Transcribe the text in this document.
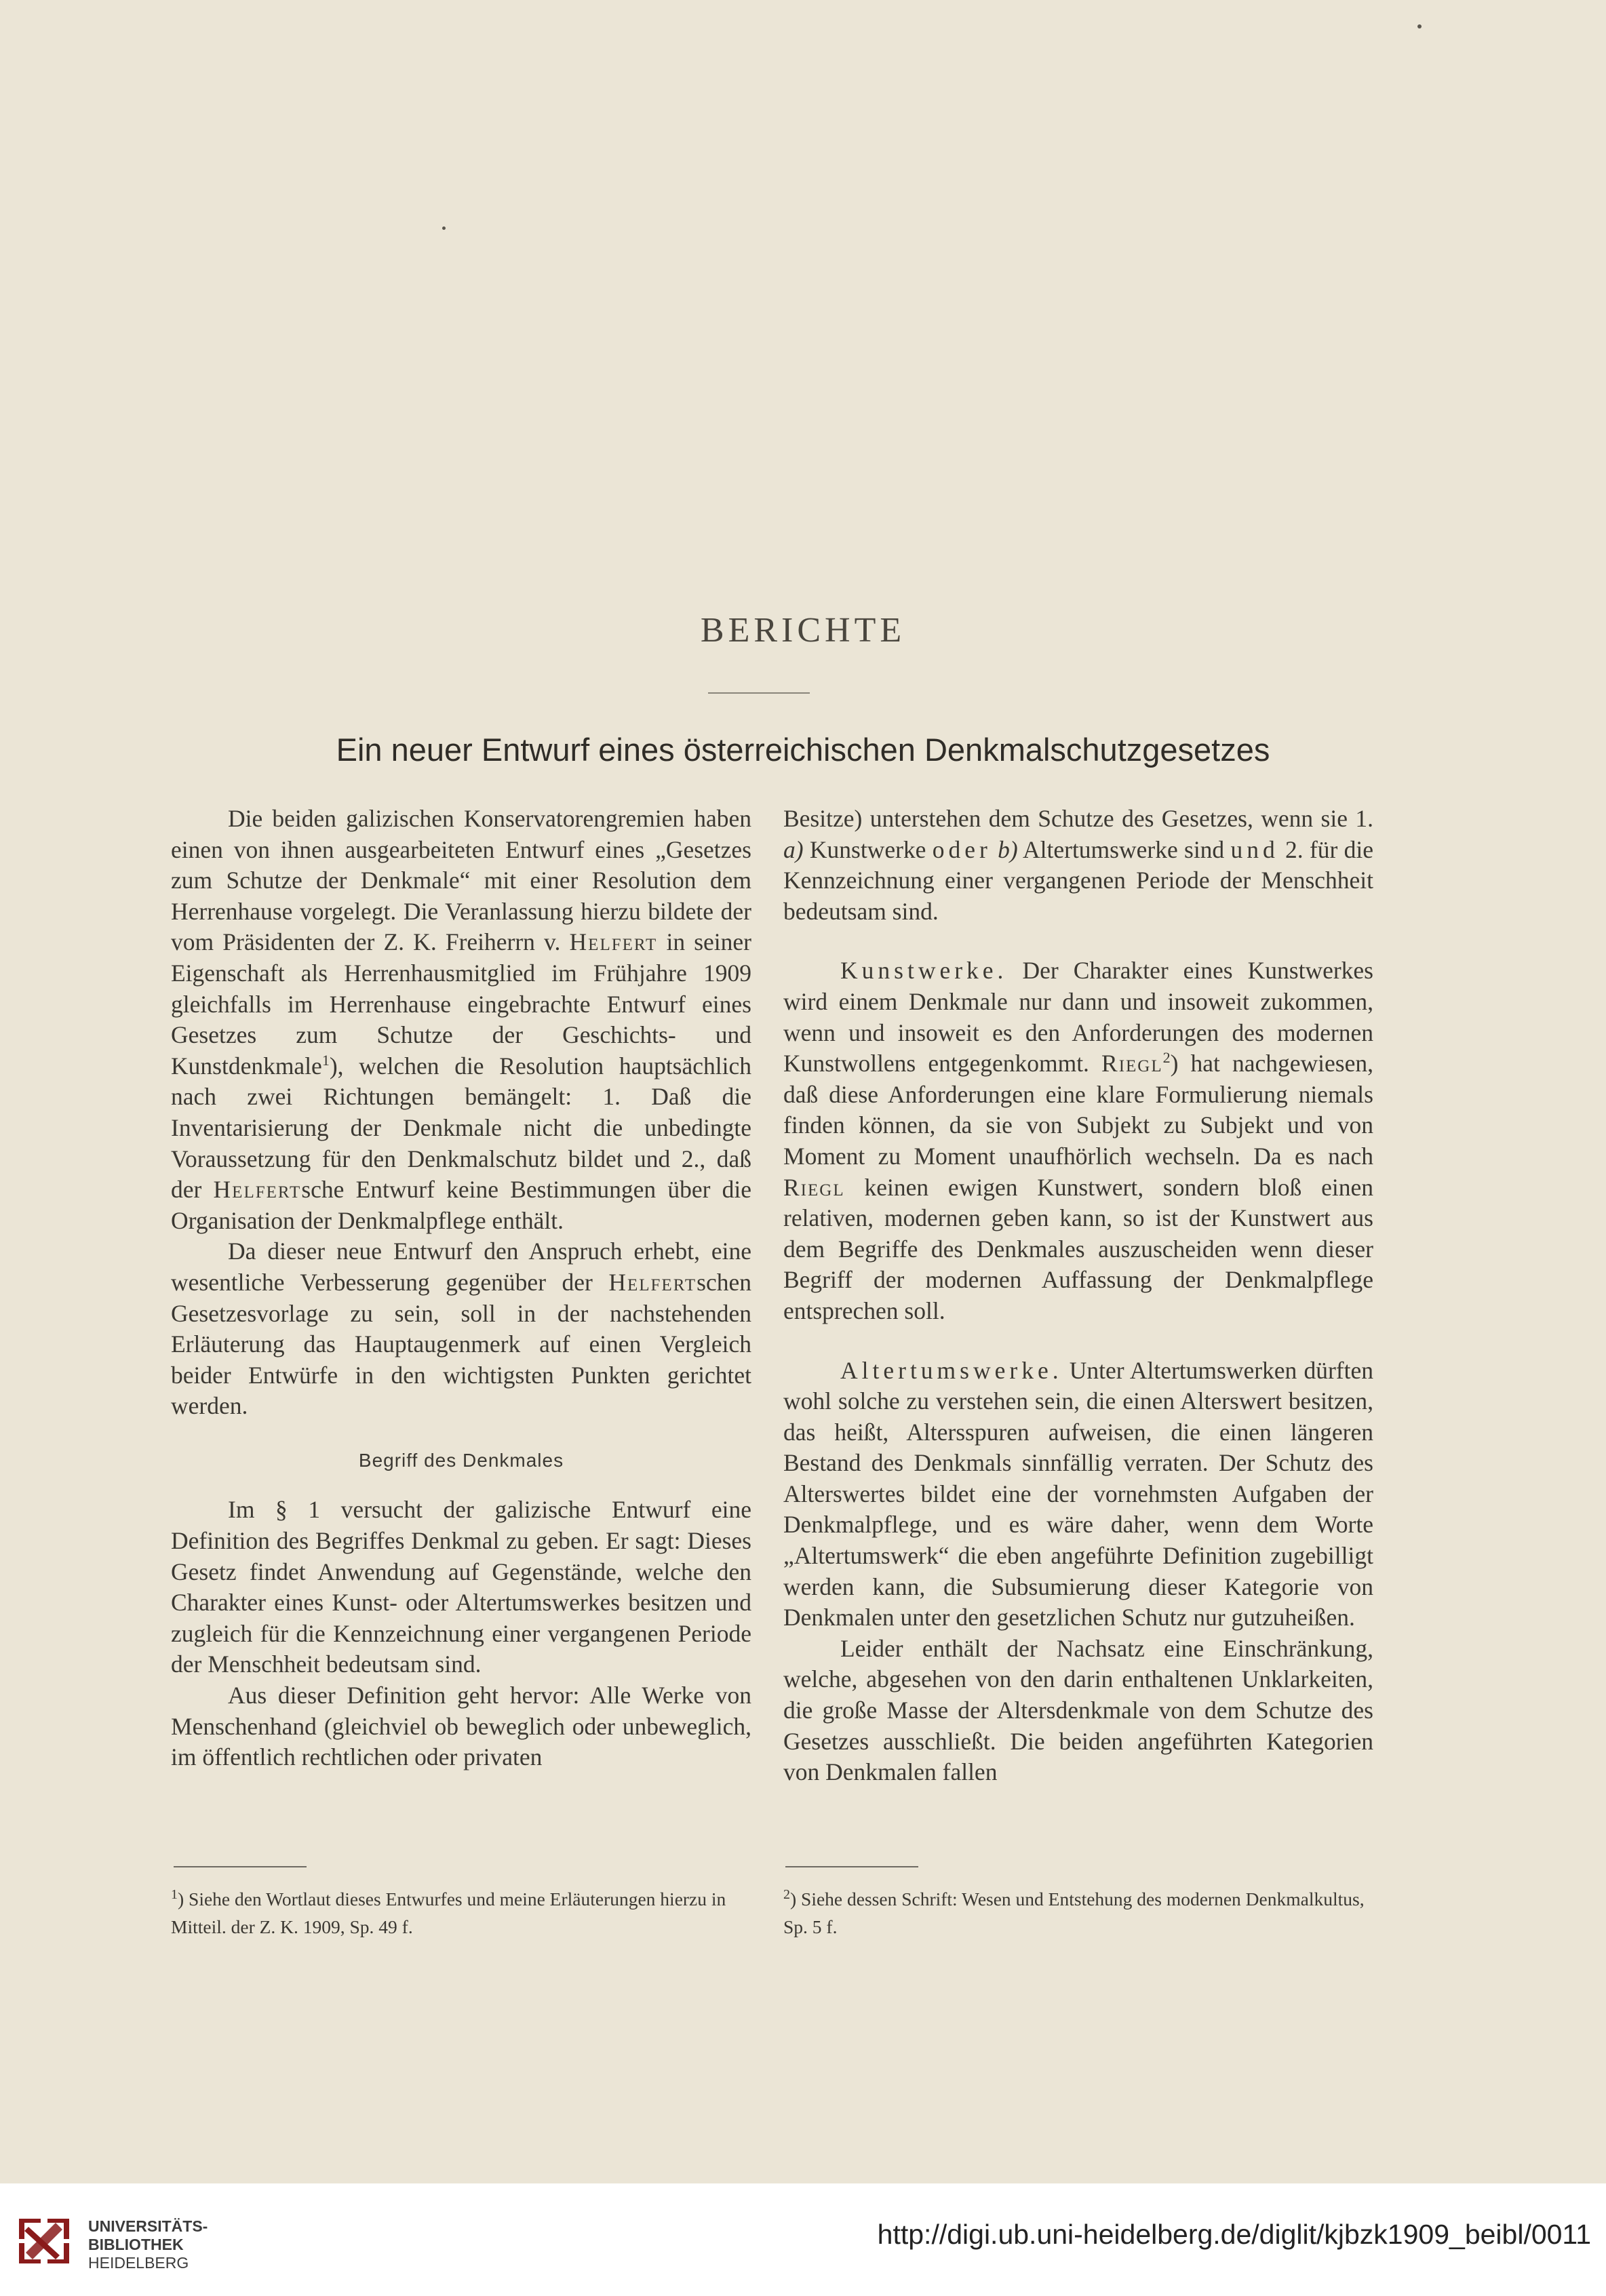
BERICHTE
Ein neuer Entwurf eines österreichischen Denkmalschutzgesetzes

Die beiden galizischen Konservatorengremien haben einen von ihnen ausgearbeiteten Entwurf eines „Gesetzes zum Schutze der Denkmale“ mit einer Resolution dem Herrenhause vorgelegt. Die Veranlassung hierzu bildete der vom Präsidenten der Z. K. Freiherrn v. Helfert in seiner Eigenschaft als Herrenhausmitglied im Frühjahre 1909 gleichfalls im Herrenhause eingebrachte Entwurf eines Gesetzes zum Schutze der Geschichts- und Kunstdenkmale$^1$), welchen die Resolution hauptsächlich nach zwei Richtungen bemängelt: 1. Daß die Inventarisierung der Denkmale nicht die unbedingte Voraussetzung für den Denkmalschutz bildet und 2., daß der Helfertsche Entwurf keine Bestimmungen über die Organisation der Denkmalpflege enthält.

Da dieser neue Entwurf den Anspruch erhebt, eine wesentliche Verbesserung gegenüber der Helfertschen Gesetzesvorlage zu sein, soll in der nachstehenden Erläuterung das Hauptaugenmerk auf einen Vergleich beider Entwürfe in den wichtigsten Punkten gerichtet werden.

Begriff des Denkmales

Im § 1 versucht der galizische Entwurf eine Definition des Begriffes Denkmal zu geben. Er sagt: Dieses Gesetz findet Anwendung auf Gegenstände, welche den Charakter eines Kunst- oder Altertumswerkes besitzen und zugleich für die Kennzeichnung einer vergangenen Periode der Menschheit bedeutsam sind.

Aus dieser Definition geht hervor: Alle Werke von Menschenhand (gleichviel ob beweglich oder unbeweglich, im öffentlich rechtlichen oder privaten

Besitze) unterstehen dem Schutze des Gesetzes, wenn sie 1. a) Kunstwerke oder b) Altertumswerke sind und 2. für die Kennzeichnung einer vergangenen Periode der Menschheit bedeutsam sind.

Kunstwerke. Der Charakter eines Kunstwerkes wird einem Denkmale nur dann und insoweit zukommen, wenn und insoweit es den Anforderungen des modernen Kunstwollens entgegenkommt. Riegl$^2$) hat nachgewiesen, daß diese Anforderungen eine klare Formulierung niemals finden können, da sie von Subjekt zu Subjekt und von Moment zu Moment unaufhörlich wechseln. Da es nach Riegl keinen ewigen Kunstwert, sondern bloß einen relativen, modernen geben kann, so ist der Kunstwert aus dem Begriffe des Denkmales auszuscheiden wenn dieser Begriff der modernen Auffassung der Denkmalpflege entsprechen soll.

Altertumswerke. Unter Altertumswerken dürften wohl solche zu verstehen sein, die einen Alterswert besitzen, das heißt, Altersspuren aufweisen, die einen längeren Bestand des Denkmals sinnfällig verraten. Der Schutz des Alterswertes bildet eine der vornehmsten Aufgaben der Denkmalpflege, und es wäre daher, wenn dem Worte „Altertumswerk“ die eben angeführte Definition zugebilligt werden kann, die Subsumierung dieser Kategorie von Denkmalen unter den gesetzlichen Schutz nur gutzuheißen.

Leider enthält der Nachsatz eine Einschränkung, welche, abgesehen von den darin enthaltenen Unklarkeiten, die große Masse der Altersdenkmale von dem Schutze des Gesetzes ausschließt. Die beiden angeführten Kategorien von Denkmalen fallen

$^1$) Siehe den Wortlaut dieses Entwurfes und meine Erläuterungen hierzu in Mitteil. der Z. K. 1909, Sp. 49 f.
$^2$) Siehe dessen Schrift: Wesen und Entstehung des modernen Denkmalkultus, Sp. 5 f.
UNIVERSITÄTS-
BIBLIOTHEK
HEIDELBERG
http://digi.ub.uni-heidelberg.de/diglit/kjbzk1909_beibl/0011
